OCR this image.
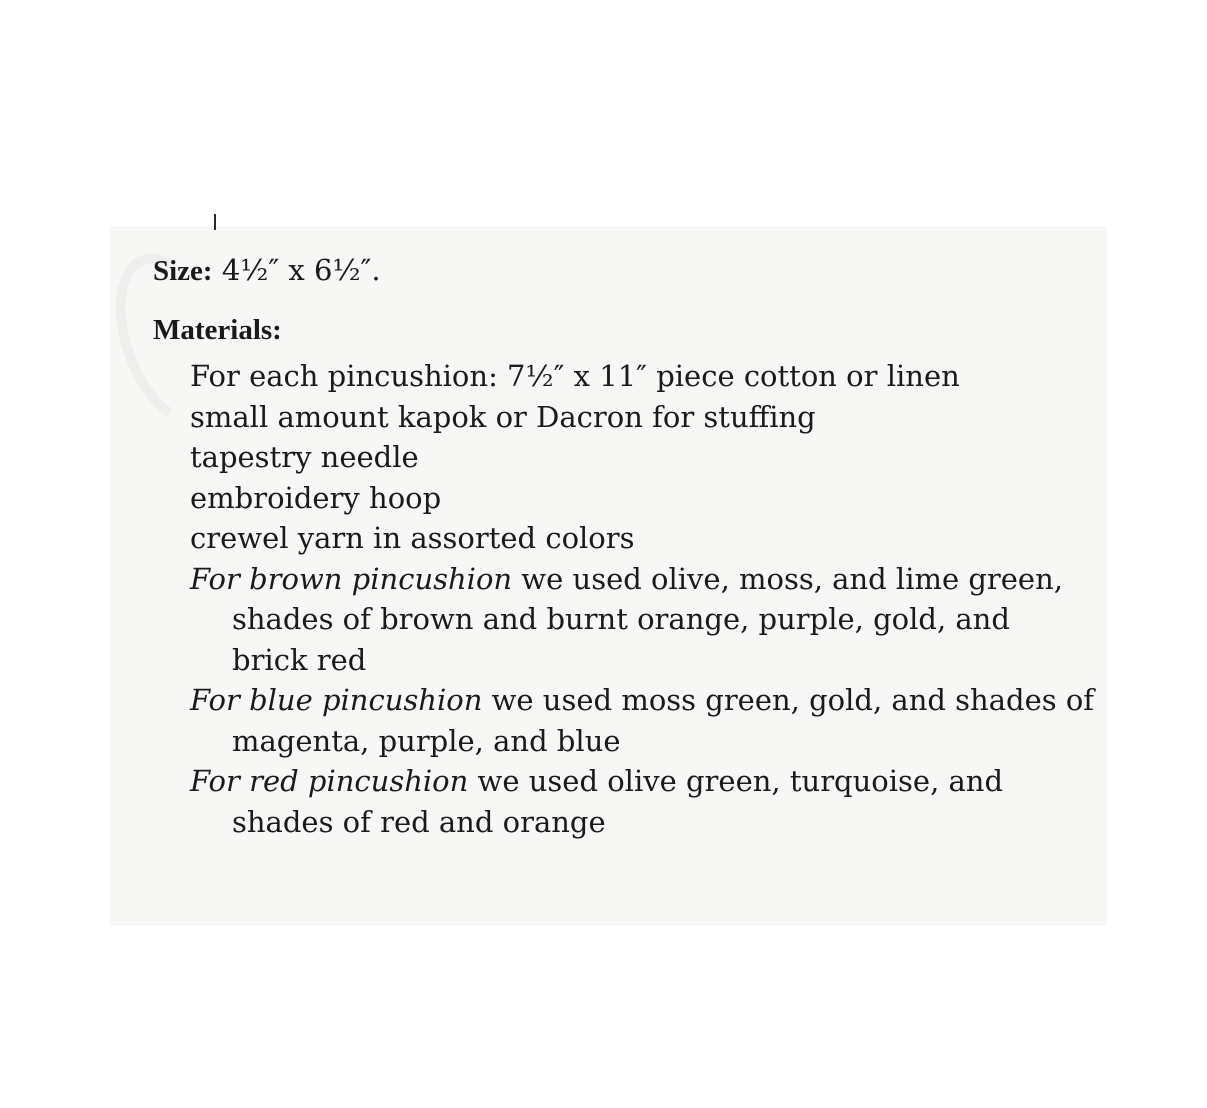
Size: 4½″ x 6½″.
Materials:
For each pincushion: 7½″ x 11″ piece cotton or linen
small amount kapok or Dacron for stuffing
tapestry needle
embroidery hoop
crewel yarn in assorted colors
For brown pincushion we used olive, moss, and lime green,
shades of brown and burnt orange, purple, gold, and
brick red
For blue pincushion we used moss green, gold, and shades of
magenta, purple, and blue
For red pincushion we used olive green, turquoise, and
shades of red and orange
